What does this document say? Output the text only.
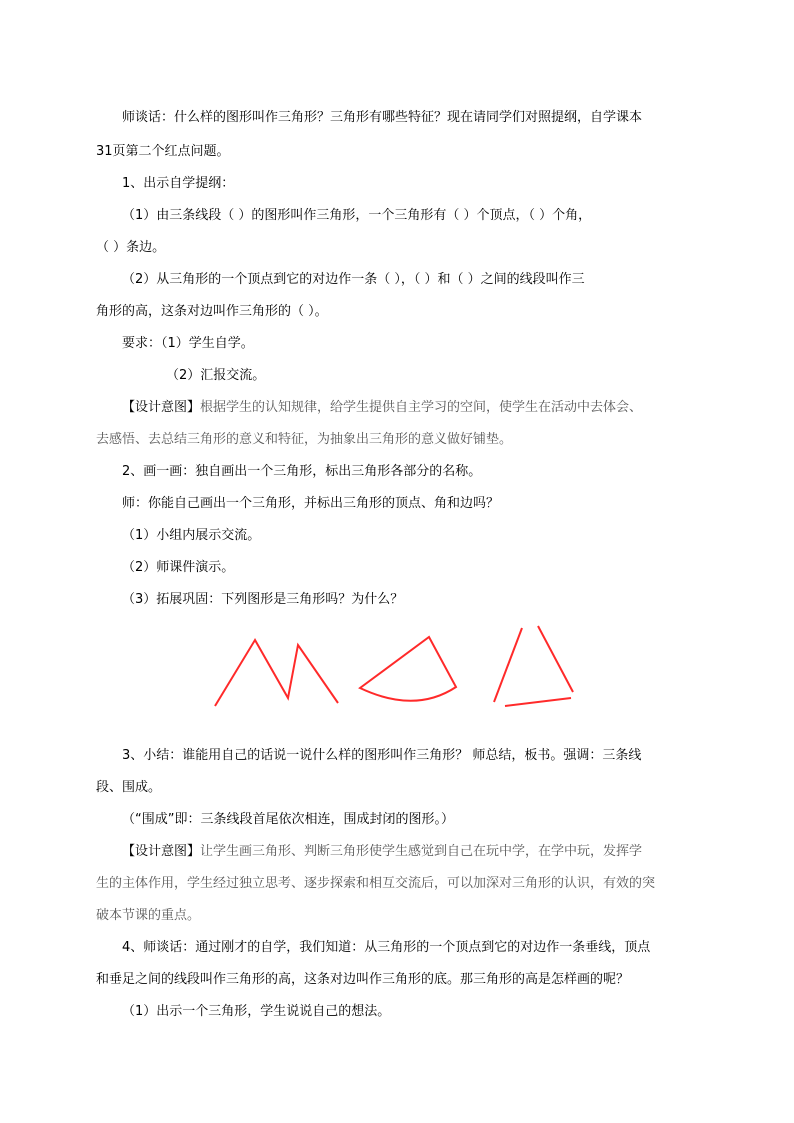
师谈话：什么样的图形叫作三角形？三角形有哪些特征？现在请同学们对照提纲，自学课本
31页第二个红点问题。
1、出示自学提纲：
（1）由三条线段（ ）的图形叫作三角形，一个三角形有（ ）个顶点，（ ）个角，
（ ）条边。
（2）从三角形的一个顶点到它的对边作一条（ ），（ ）和（ ）之间的线段叫作三
角形的高，这条对边叫作三角形的（ ）。
要求：（1）学生自学。
（2）汇报交流。
【设计意图】根据学生的认知规律，给学生提供自主学习的空间，使学生在活动中去体会、
去感悟、去总结三角形的意义和特征，为抽象出三角形的意义做好铺垫。
2、画一画：独自画出一个三角形，标出三角形各部分的名称。
师：你能自己画出一个三角形，并标出三角形的顶点、角和边吗？
（1）小组内展示交流。
（2）师课件演示。
（3）拓展巩固：下列图形是三角形吗？为什么？
3、小结：谁能用自己的话说一说什么样的图形叫作三角形？ 师总结，板书。强调：三条线
段、围成。
（“围成”即：三条线段首尾依次相连，围成封闭的图形。）
【设计意图】让学生画三角形、判断三角形使学生感觉到自己在玩中学，在学中玩，发挥学
生的主体作用，学生经过独立思考、逐步探索和相互交流后，可以加深对三角形的认识，有效的突
破本节课的重点。
4、师谈话：通过刚才的自学，我们知道：从三角形的一个顶点到它的对边作一条垂线，顶点
和垂足之间的线段叫作三角形的高，这条对边叫作三角形的底。那三角形的高是怎样画的呢？
（1）出示一个三角形，学生说说自己的想法。
